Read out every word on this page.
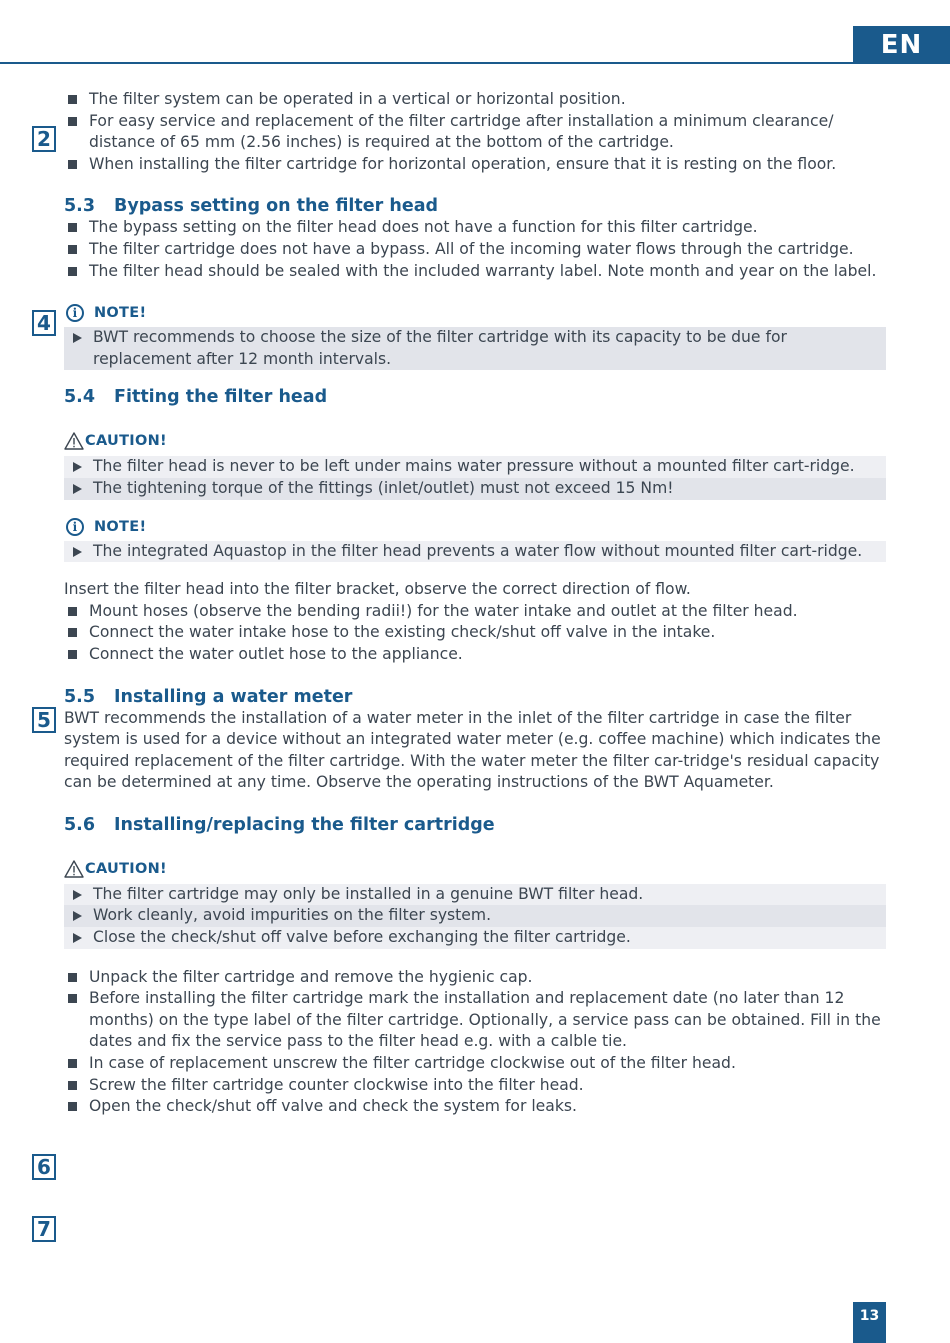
EN
2
4
5
6
7
The filter system can be operated in a vertical or horizontal position.
For easy service and replacement of the filter cartridge after installation a minimum clearance/ distance of 65 mm (2.56 inches) is required at the bottom of the cartridge.
When installing the filter cartridge for horizontal operation, ensure that it is resting on the floor.
5.3 Bypass setting on the filter head
The bypass setting on the filter head does not have a function for this filter cartridge.
The filter cartridge does not have a bypass. All of the incoming water flows through the cartridge.
The filter head should be sealed with the included warranty label. Note month and year on the label.
i	NOTE!
BWT recommends to choose the size of the filter cartridge with its capacity to be due for replacement after 12 month intervals.
5.4 Fitting the filter head
CAUTION!
The filter head is never to be left under mains water pressure without a mounted filter cart-ridge.
The tightening torque of the fittings (inlet/outlet) must not exceed 15 Nm!
i	NOTE!
The integrated Aquastop in the filter head prevents a water flow without mounted filter cart-ridge.
Insert the filter head into the filter bracket, observe the correct direction of flow.
Mount hoses (observe the bending radii!) for the water intake and outlet at the filter head.
Connect the water intake hose to the existing check/shut off valve in the intake.
Connect the water outlet hose to the appliance.
5.5 Installing a water meter
BWT recommends the installation of a water meter in the inlet of the filter cartridge in case the filter system is used for a device without an integrated water meter (e.g. coffee machine) which indicates the required replacement of the filter cartridge. With the water meter the filter car-tridge's residual capacity can be determined at any time. Observe the operating instructions of the BWT Aquameter.
5.6 Installing/replacing the filter cartridge
CAUTION!
The filter cartridge may only be installed in a genuine BWT filter head.
Work cleanly, avoid impurities on the filter system.
Close the check/shut off valve before exchanging the filter cartridge.
Unpack the filter cartridge and remove the hygienic cap.
Before installing the filter cartridge mark the installation and replacement date (no later than 12 months) on the type label of the filter cartridge. Optionally, a service pass can be obtained. Fill in the dates and fix the service pass to the filter head e.g. with a calble tie.
In case of replacement unscrew the filter cartridge clockwise out of the filter head.
Screw the filter cartridge counter clockwise into the filter head.
Open the check/shut off valve and check the system for leaks.
13
